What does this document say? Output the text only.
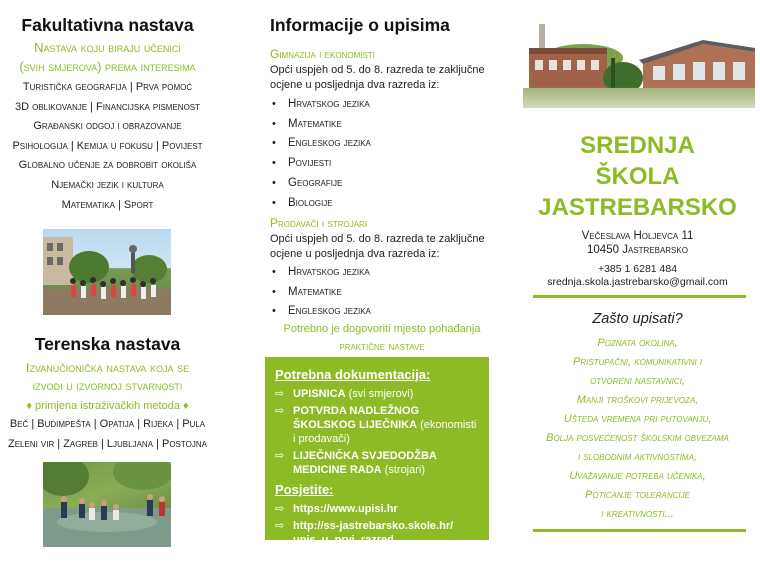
Fakultativna nastava
Nastava koju biraju učenici
(svih smjerova) prema interesima
Turistička geografija | Prva pomoć
3D oblikovanje | Financijska pismenost
Građanski odgoj i obrazovanje
Psihologija | Kemija u fokusu | Povijest
Globalno učenje za dobrobit okoliša
Njemački jezik i kultura
Matematika | Sport
Terenska nastava
Izvanučionička nastava koja se
izvodi u izvornoj stvarnosti
♦ primjena istraživačkih metoda ♦
Beč | Budimpešta | Opatija | Rijeka | Pula
Zeleni vir | Zagreb | Ljubljana | Postojna
Informacije o upisima
Gimnazija i ekonomisti
Opći uspjeh od 5. do 8. razreda te zaključne
ocjene u posljednja dva razreda iz:
• Hrvatskog jezika
• Matematike
• Engleskog jezika
• Povijesti
• Geografije
• Biologije
Prodavači i strojari
Opći uspjeh od 5. do 8. razreda te zaključne
ocjene u posljednja dva razreda iz:
• Hrvatskog jezika
• Matematike
• Engleskog jezika
Potrebno je dogovoriti mjesto pohađanja
praktične nastave
Potrebna dokumentacija:
⇨ UPISNICA (svi smjerovi)
⇨ POTVRDA NADLEŽNOG ŠKOLSKOG LIJEČNIKA (ekonomisti i prodavači)
⇨ LIJEČNIČKA SVJEDODŽBA MEDICINE RADA (strojari)
Posjetite:
⇨ https://www.upisi.hr
⇨ http://ss-jastrebarsko.skole.hr/ upis_u_prvi_razred
SREDNJA
ŠKOLA
JASTREBARSKO
Večeslava Holjevca 11
10450 Jastrebarsko
+385 1 6281 484
srednja.skola.jastrebarsko@gmail.com
Zašto upisati?
Poznata okolina,
Pristupačni, komunikativni i
otvoreni nastavnici,
Manji troškovi prijevoza,
Ušteda vremena pri putovanju,
Bolja posvećenost školskim obvezama
i slobodnim aktivnostima,
Uvažavanje potreba učenika,
Poticanje tolerancije
i kreativnosti...
